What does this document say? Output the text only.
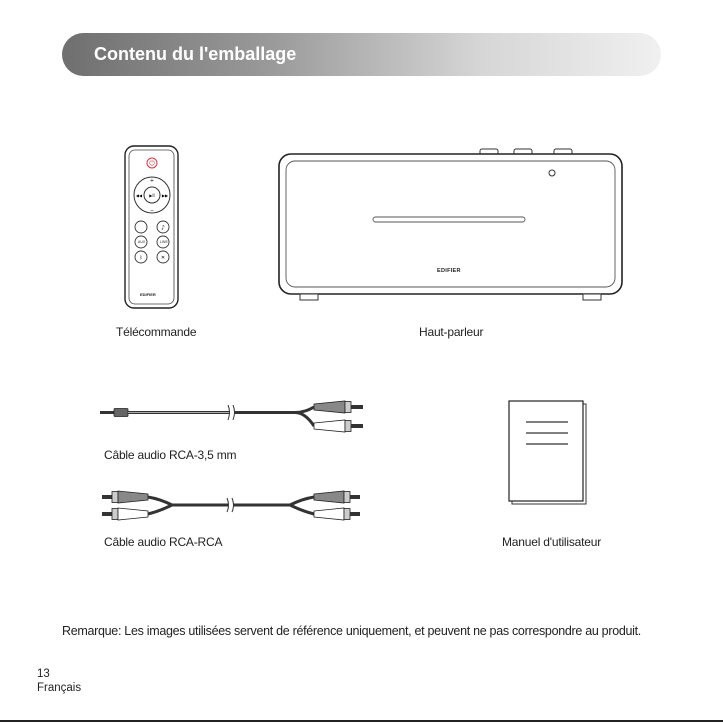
Contenu du l'emballage
⏻
▶II
+
−
◀◀	▶▶
♪
ᛒ	✕
AUX	LINE
EDIFIER
Télécommande
EDIFIER
Haut-parleur
Câble audio RCA-3,5 mm
Câble audio RCA-RCA	Manuel d'utilisateur
Remarque: Les images utilisées servent de référence uniquement, et peuvent ne pas correspondre au produit.
13
Français
